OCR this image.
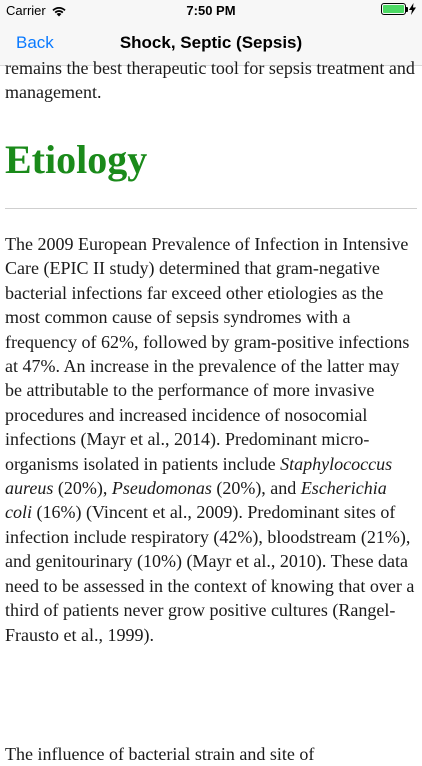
Carrier	7:50 PM
Back	Shock, Septic (Sepsis)

remains the best therapeutic tool for sepsis treatment and management.

Etiology

The 2009 European Prevalence of Infection in Intensive Care (EPIC II study) determined that gram-negative bacterial infections far exceed other etiologies as the most common cause of sepsis syndromes with a frequency of 62%, followed by gram-positive infections at 47%. An increase in the prevalence of the latter may be attributable to the performance of more invasive procedures and increased incidence of nosocomial infections (Mayr et al., 2014). Predominant micro-organisms isolated in patients include Staphylococcus aureus (20%), Pseudomonas (20%), and Escherichia coli (16%) (Vincent et al., 2009). Predominant sites of infection include respiratory (42%), bloodstream (21%), and genitourinary (10%) (Mayr et al., 2010). These data need to be assessed in the context of knowing that over a third of patients never grow positive cultures (Rangel-Frausto et al., 1999).

The influence of bacterial strain and site of
